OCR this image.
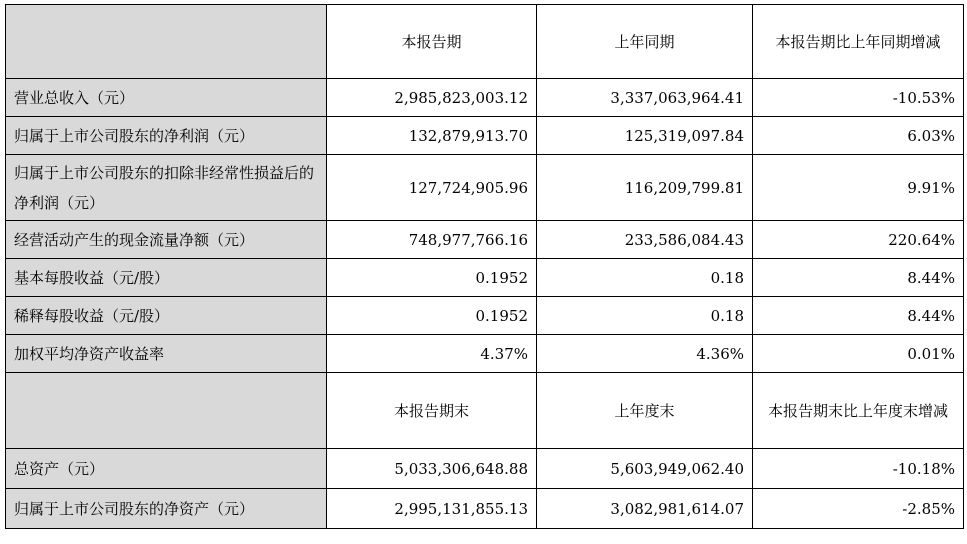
	本报告期	上年同期	本报告期比上年同期增减
营业总收入（元）	2,985,823,003.12	3,337,063,964.41	-10.53%
归属于上市公司股东的净利润（元）	132,879,913.70	125,319,097.84	6.03%
归属于上市公司股东的扣除非经常性损益后的净利润（元）	127,724,905.96	116,209,799.81	9.91%
经营活动产生的现金流量净额（元）	748,977,766.16	233,586,084.43	220.64%
基本每股收益（元/股）	0.1952	0.18	8.44%
稀释每股收益（元/股）	0.1952	0.18	8.44%
加权平均净资产收益率	4.37%	4.36%	0.01%
	本报告期末	上年度末	本报告期末比上年度末增减
总资产（元）	5,033,306,648.88	5,603,949,062.40	-10.18%
归属于上市公司股东的净资产（元）	2,995,131,855.13	3,082,981,614.07	-2.85%
